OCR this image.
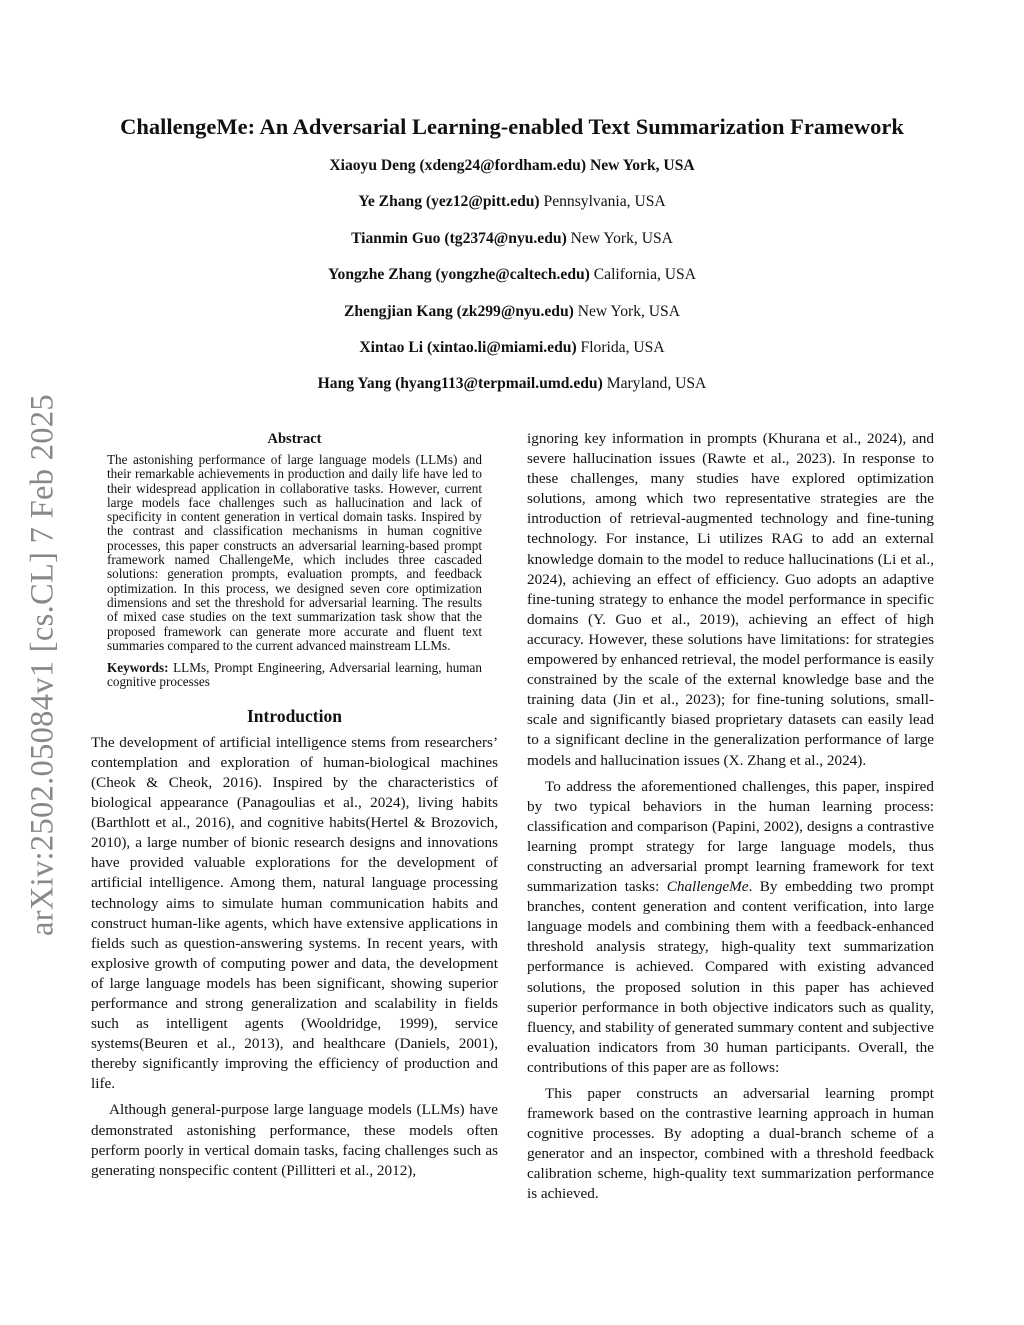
arXiv:2502.05084v1 [cs.CL] 7 Feb 2025
ChallengeMe: An Adversarial Learning-enabled Text Summarization Framework
Xiaoyu Deng (xdeng24@fordham.edu) New York, USA
Ye Zhang (yez12@pitt.edu) Pennsylvania, USA
Tianmin Guo (tg2374@nyu.edu) New York, USA
Yongzhe Zhang (yongzhe@caltech.edu) California, USA
Zhengjian Kang (zk299@nyu.edu) New York, USA
Xintao Li (xintao.li@miami.edu) Florida, USA
Hang Yang (hyang113@terpmail.umd.edu) Maryland, USA
Abstract

The astonishing performance of large language models (LLMs) and their remarkable achievements in production and daily life have led to their widespread application in collaborative tasks. However, current large models face challenges such as hallucination and lack of specificity in content generation in vertical domain tasks. Inspired by the contrast and classification mechanisms in human cognitive processes, this paper constructs an adversarial learning-based prompt framework named ChallengeMe, which includes three cascaded solutions: generation prompts, evaluation prompts, and feedback optimization. In this process, we designed seven core optimization dimensions and set the threshold for adversarial learning. The results of mixed case studies on the text summarization task show that the proposed framework can generate more accurate and fluent text summaries compared to the current advanced mainstream LLMs.

Keywords: LLMs, Prompt Engineering, Adversarial learning, human cognitive processes

Introduction

The development of artificial intelligence stems from researchers’ contemplation and exploration of human-biological machines (Cheok & Cheok, 2016). Inspired by the characteristics of biological appearance (Panagoulias et al., 2024), living habits (Barthlott et al., 2016), and cognitive habits(Hertel & Brozovich, 2010), a large number of bionic research designs and innovations have provided valuable explorations for the development of artificial intelligence. Among them, natural language processing technology aims to simulate human communication habits and construct human-like agents, which have extensive applications in fields such as question-answering systems. In recent years, with explosive growth of computing power and data, the development of large language models has been significant, showing superior performance and strong generalization and scalability in fields such as intelligent agents (Wooldridge, 1999), service systems(Beuren et al., 2013), and healthcare (Daniels, 2001), thereby significantly improving the efficiency of production and life.

Although general-purpose large language models (LLMs) have demonstrated astonishing performance, these models often perform poorly in vertical domain tasks, facing challenges such as generating nonspecific content (Pillitteri et al., 2012),

ignoring key information in prompts (Khurana et al., 2024), and severe hallucination issues (Rawte et al., 2023). In response to these challenges, many studies have explored optimization solutions, among which two representative strategies are the introduction of retrieval-augmented technology and fine-tuning technology. For instance, Li utilizes RAG to add an external knowledge domain to the model to reduce hallucinations (Li et al., 2024), achieving an effect of efficiency. Guo adopts an adaptive fine-tuning strategy to enhance the model performance in specific domains (Y. Guo et al., 2019), achieving an effect of high accuracy. However, these solutions have limitations: for strategies empowered by enhanced retrieval, the model performance is easily constrained by the scale of the external knowledge base and the training data (Jin et al., 2023); for fine-tuning solutions, small-scale and significantly biased proprietary datasets can easily lead to a significant decline in the generalization performance of large models and hallucination issues (X. Zhang et al., 2024).

To address the aforementioned challenges, this paper, inspired by two typical behaviors in the human learning process: classification and comparison (Papini, 2002), designs a contrastive learning prompt strategy for large language models, thus constructing an adversarial prompt learning framework for text summarization tasks: ChallengeMe. By embedding two prompt branches, content generation and content verification, into large language models and combining them with a feedback-enhanced threshold analysis strategy, high-quality text summarization performance is achieved. Compared with existing advanced solutions, the proposed solution in this paper has achieved superior performance in both objective indicators such as quality, fluency, and stability of generated summary content and subjective evaluation indicators from 30 human participants. Overall, the contributions of this paper are as follows:

This paper constructs an adversarial learning prompt framework based on the contrastive learning approach in human cognitive processes. By adopting a dual-branch scheme of a generator and an inspector, combined with a threshold feedback calibration scheme, high-quality text summarization performance is achieved.
